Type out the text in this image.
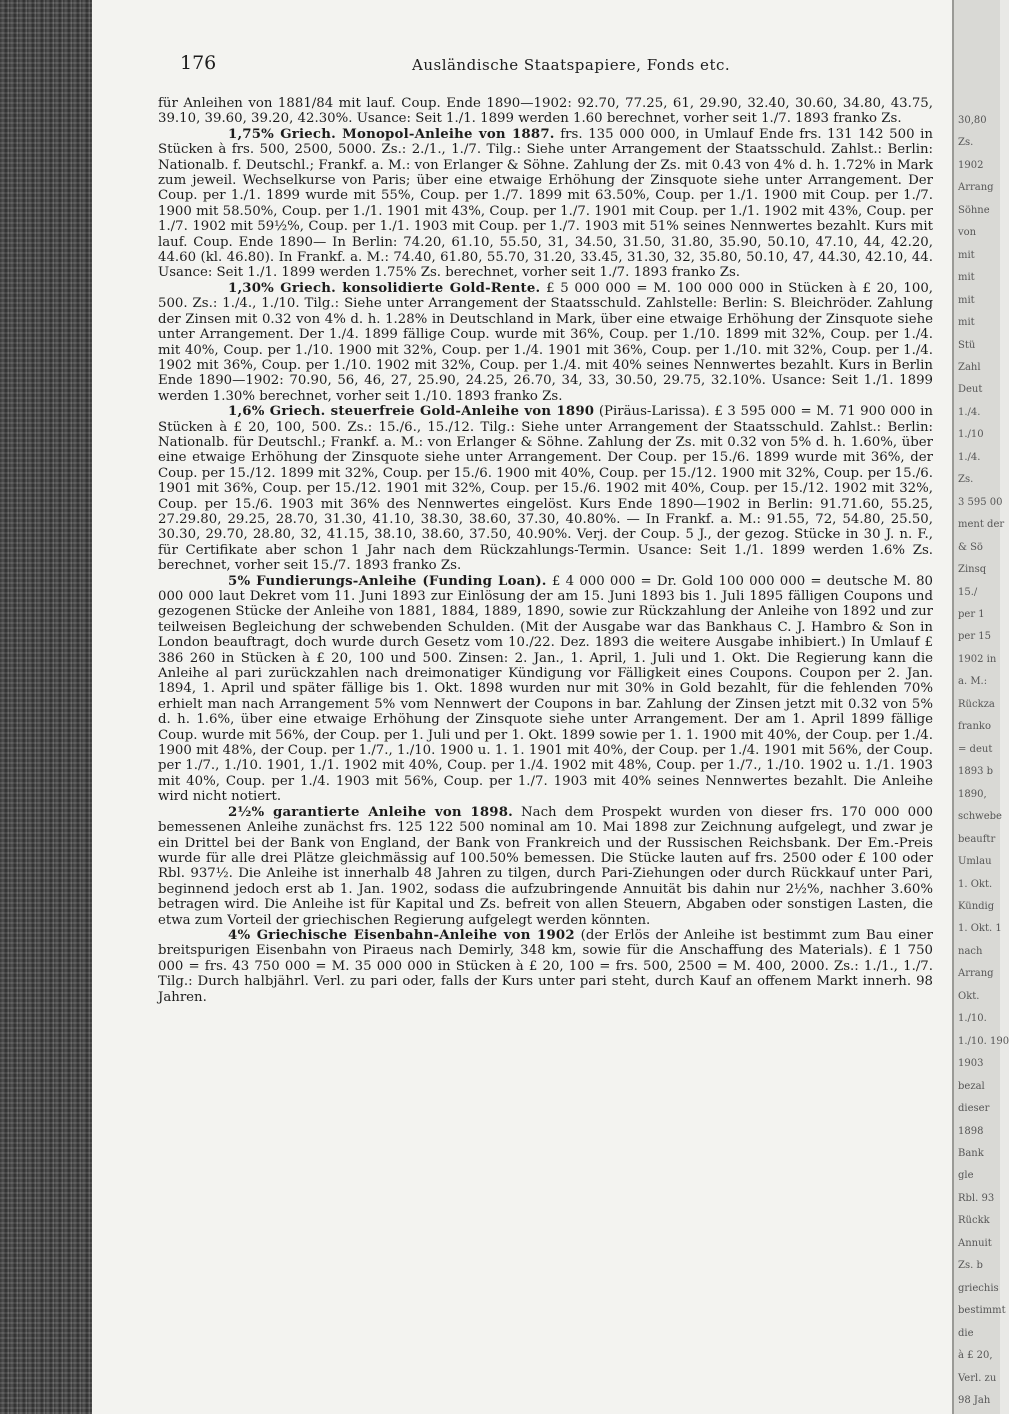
30,80
Zs.
1902
Arrang
Söhne
von
mit
mit
mit
mit
Stü
Zahl
Deut
1./4.
1./10
1./4.
Zs.
3 595 00
ment der
& Sö
Zinsq
15./
per 1
per 15
1902 in
a. M.:
Rückza
franko
= deut
1893 b
1890,
schwebe
beauftr
Umlau
1. Okt.
Kündig
1. Okt. 1
nach
Arrang
Okt.
1./10.
1./10. 190
1903
bezal
dieser
1898
Bank
gle
Rbl. 93
Rückk
Annuit
Zs. b
griechis
bestimmt
die
à £ 20,
Verl. zu
98 Jah
176	Ausländische Staatspapiere, Fonds etc.

für Anleihen von 1881/84 mit lauf. Coup. Ende 1890—1902: 92.70, 77.25, 61, 29.90, 32.40, 30.60, 34.80, 43.75, 39.10, 39.60, 39.20, 42.30%. Usance: Seit 1./1. 1899 werden 1.60 berechnet, vorher seit 1./7. 1893 franko Zs.

1,75% Griech. Monopol-Anleihe von 1887. frs. 135 000 000, in Umlauf Ende frs. 131 142 500 in Stücken à frs. 500, 2500, 5000. Zs.: 2./1., 1./7. Tilg.: Siehe unter Arrangement der Staatsschuld. Zahlst.: Berlin: Nationalb. f. Deutschl.; Frankf. a. M.: von Erlanger & Söhne. Zahlung der Zs. mit 0.43 von 4% d. h. 1.72% in Mark zum jeweil. Wechselkurse von Paris; über eine etwaige Erhöhung der Zinsquote siehe unter Arrangement. Der Coup. per 1./1. 1899 wurde mit 55%, Coup. per 1./7. 1899 mit 63.50%, Coup. per 1./1. 1900 mit Coup. per 1./7. 1900 mit 58.50%, Coup. per 1./1. 1901 mit 43%, Coup. per 1./7. 1901 mit Coup. per 1./1. 1902 mit 43%, Coup. per 1./7. 1902 mit 59½%, Coup. per 1./1. 1903 mit Coup. per 1./7. 1903 mit 51% seines Nennwertes bezahlt. Kurs mit lauf. Coup. Ende 1890— In Berlin: 74.20, 61.10, 55.50, 31, 34.50, 31.50, 31.80, 35.90, 50.10, 47.10, 44, 42.20, 44.60 (kl. 46.80). In Frankf. a. M.: 74.40, 61.80, 55.70, 31.20, 33.45, 31.30, 32, 35.80, 50.10, 47, 44.30, 42.10, 44. Usance: Seit 1./1. 1899 werden 1.75% Zs. berechnet, vorher seit 1./7. 1893 franko Zs.

1,30% Griech. konsolidierte Gold-Rente. £ 5 000 000 = M. 100 000 000 in Stücken à £ 20, 100, 500. Zs.: 1./4., 1./10. Tilg.: Siehe unter Arrangement der Staatsschuld. Zahlstelle: Berlin: S. Bleichröder. Zahlung der Zinsen mit 0.32 von 4% d. h. 1.28% in Deutschland in Mark, über eine etwaige Erhöhung der Zinsquote siehe unter Arrangement. Der 1./4. 1899 fällige Coup. wurde mit 36%, Coup. per 1./10. 1899 mit 32%, Coup. per 1./4. mit 40%, Coup. per 1./10. 1900 mit 32%, Coup. per 1./4. 1901 mit 36%, Coup. per 1./10. mit 32%, Coup. per 1./4. 1902 mit 36%, Coup. per 1./10. 1902 mit 32%, Coup. per 1./4. mit 40% seines Nennwertes bezahlt. Kurs in Berlin Ende 1890—1902: 70.90, 56, 46, 27, 25.90, 24.25, 26.70, 34, 33, 30.50, 29.75, 32.10%. Usance: Seit 1./1. 1899 werden 1.30% berechnet, vorher seit 1./10. 1893 franko Zs.

1,6% Griech. steuerfreie Gold-Anleihe von 1890 (Piräus-Larissa). £ 3 595 000 = M. 71 900 000 in Stücken à £ 20, 100, 500. Zs.: 15./6., 15./12. Tilg.: Siehe unter Arrangement der Staatsschuld. Zahlst.: Berlin: Nationalb. für Deutschl.; Frankf. a. M.: von Erlanger & Söhne. Zahlung der Zs. mit 0.32 von 5% d. h. 1.60%, über eine etwaige Erhöhung der Zinsquote siehe unter Arrangement. Der Coup. per 15./6. 1899 wurde mit 36%, der Coup. per 15./12. 1899 mit 32%, Coup. per 15./6. 1900 mit 40%, Coup. per 15./12. 1900 mit 32%, Coup. per 15./6. 1901 mit 36%, Coup. per 15./12. 1901 mit 32%, Coup. per 15./6. 1902 mit 40%, Coup. per 15./12. 1902 mit 32%, Coup. per 15./6. 1903 mit 36% des Nennwertes eingelöst. Kurs Ende 1890—1902 in Berlin: 91.71.60, 55.25, 27.29.80, 29.25, 28.70, 31.30, 41.10, 38.30, 38.60, 37.30, 40.80%. — In Frankf. a. M.: 91.55, 72, 54.80, 25.50, 30.30, 29.70, 28.80, 32, 41.15, 38.10, 38.60, 37.50, 40.90%. Verj. der Coup. 5 J., der gezog. Stücke in 30 J. n. F., für Certifikate aber schon 1 Jahr nach dem Rückzahlungs-Termin. Usance: Seit 1./1. 1899 werden 1.6% Zs. berechnet, vorher seit 15./7. 1893 franko Zs.

5% Fundierungs-Anleihe (Funding Loan). £ 4 000 000 = Dr. Gold 100 000 000 = deutsche M. 80 000 000 laut Dekret vom 11. Juni 1893 zur Einlösung der am 15. Juni 1893 bis 1. Juli 1895 fälligen Coupons und gezogenen Stücke der Anleihe von 1881, 1884, 1889, 1890, sowie zur Rückzahlung der Anleihe von 1892 und zur teilweisen Begleichung der schwebenden Schulden. (Mit der Ausgabe war das Bankhaus C. J. Hambro & Son in London beauftragt, doch wurde durch Gesetz vom 10./22. Dez. 1893 die weitere Ausgabe inhibiert.) In Umlauf £ 386 260 in Stücken à £ 20, 100 und 500. Zinsen: 2. Jan., 1. April, 1. Juli und 1. Okt. Die Regierung kann die Anleihe al pari zurückzahlen nach dreimonatiger Kündigung vor Fälligkeit eines Coupons. Coupon per 2. Jan. 1894, 1. April und später fällige bis 1. Okt. 1898 wurden nur mit 30% in Gold bezahlt, für die fehlenden 70% erhielt man nach Arrangement 5% vom Nennwert der Coupons in bar. Zahlung der Zinsen jetzt mit 0.32 von 5% d. h. 1.6%, über eine etwaige Erhöhung der Zinsquote siehe unter Arrangement. Der am 1. April 1899 fällige Coup. wurde mit 56%, der Coup. per 1. Juli und per 1. Okt. 1899 sowie per 1. 1. 1900 mit 40%, der Coup. per 1./4. 1900 mit 48%, der Coup. per 1./7., 1./10. 1900 u. 1. 1. 1901 mit 40%, der Coup. per 1./4. 1901 mit 56%, der Coup. per 1./7., 1./10. 1901, 1./1. 1902 mit 40%, Coup. per 1./4. 1902 mit 48%, Coup. per 1./7., 1./10. 1902 u. 1./1. 1903 mit 40%, Coup. per 1./4. 1903 mit 56%, Coup. per 1./7. 1903 mit 40% seines Nennwertes bezahlt. Die Anleihe wird nicht notiert.

2½% garantierte Anleihe von 1898. Nach dem Prospekt wurden von dieser frs. 170 000 000 bemessenen Anleihe zunächst frs. 125 122 500 nominal am 10. Mai 1898 zur Zeichnung aufgelegt, und zwar je ein Drittel bei der Bank von England, der Bank von Frankreich und der Russischen Reichsbank. Der Em.-Preis wurde für alle drei Plätze gleichmässig auf 100.50% bemessen. Die Stücke lauten auf frs. 2500 oder £ 100 oder Rbl. 937½. Die Anleihe ist innerhalb 48 Jahren zu tilgen, durch Pari-Ziehungen oder durch Rückkauf unter Pari, beginnend jedoch erst ab 1. Jan. 1902, sodass die aufzubringende Annuität bis dahin nur 2½%, nachher 3.60% betragen wird. Die Anleihe ist für Kapital und Zs. befreit von allen Steuern, Abgaben oder sonstigen Lasten, die etwa zum Vorteil der griechischen Regierung aufgelegt werden könnten.

4% Griechische Eisenbahn-Anleihe von 1902 (der Erlös der Anleihe ist bestimmt zum Bau einer breitspurigen Eisenbahn von Piraeus nach Demirly, 348 km, sowie für die Anschaffung des Materials). £ 1 750 000 = frs. 43 750 000 = M. 35 000 000 in Stücken à £ 20, 100 = frs. 500, 2500 = M. 400, 2000. Zs.: 1./1., 1./7. Tilg.: Durch halbjährl. Verl. zu pari oder, falls der Kurs unter pari steht, durch Kauf an offenem Markt innerh. 98 Jahren.
